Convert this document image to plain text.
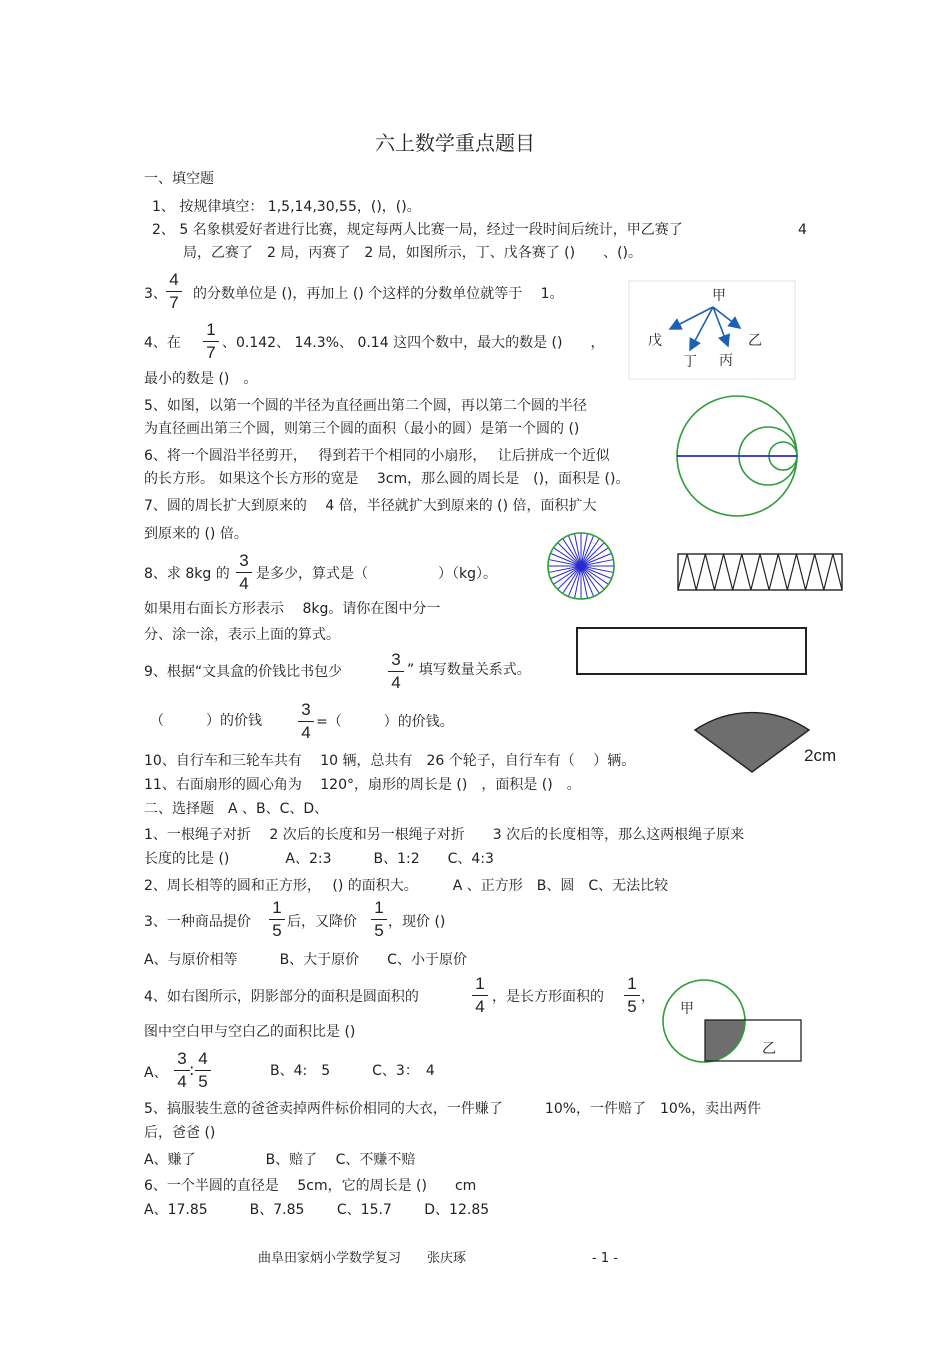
六上数学重点题目
一、填空题
1、 按规律填空： 1,5,14,30,55，()，()。
2、 5 名象棋爱好者进行比赛，规定每两人比赛一局，经过一段时间后统计，甲乙赛了	4
局，乙赛了　2 局，丙赛了　2 局，如图所示，丁、戊各赛了 ()　　、()。
3、
4
7 的分数单位是 ()，再加上 () 个这样的分数单位就等于　 1。
4、在
1
7 、0.142、 14.3%、 0.14 这四个数中，最大的数是 ()　　，
最小的数是 ()　。
5、如图，以第一个圆的半径为直径画出第二个圆，再以第二个圆的半径
为直径画出第三个圆，则第三个圆的面积（最小的圆）是第一个圆的 ()
6、将一个圆沿半径剪开，　 得到若干个相同的小扇形，　 让后拼成一个近似
的长方形。 如果这个长方形的宽是　 3cm，那么圆的周长是　()，面积是 ()。
7、圆的周长扩大到原来的　 4 倍，半径就扩大到原来的 () 倍，面积扩大
到原来的 () 倍。
8、求 8kg 的
3
4 是多少，算式是（　　　　　）（kg）。
如果用右面长方形表示　 8kg。请你在图中分一
分、涂一涂，表示上面的算式。
9、根据“文具盒的价钱比书包少
3
4
” 填写数量关系式。
（　　　）的价钱
3
4
=（　　　）的价钱。
10、自行车和三轮车共有　 10 辆，总共有　26 个轮子，自行车有（　 ）辆。
11、右面扇形的圆心角为　 120°，扇形的周长是 ()　，面积是 ()　。
二、选择题　A 、B、C、D、
1、一根绳子对折　 2 次后的长度和另一根绳子对折　　3 次后的长度相等，那么这两根绳子原来
长度的比是 ()　　　　A、2:3　　　B、1:2　　C、4:3
2、周长相等的圆和正方形，　 () 的面积大。　　　A 、正方形　B、圆　C、无法比较
3、一种商品提价
1
5 后，又降价
1
5 ，现价 ()
A、与原价相等　　　B、大于原价　　C、小于原价
4、如右图所示，阴影部分的面积是圆面积的
1
4 ，是长方形面积的
1
5 ，
图中空白甲与空白乙的面积比是 ()
A、
3
4
:
4
5
B、4:　5　　　C、3：　4
5、搞服装生意的爸爸卖掉两件标价相同的大衣，一件赚了　　　10%，一件赔了　10%，卖出两件
后，爸爸 ()
A、赚了　　　　　B、赔了　 C、不赚不赔
6、一个半圆的直径是　 5cm，它的周长是 ()　　cm
A、17.85　　　B、7.85　　 C、15.7　　 D、12.85
曲阜田家炳小学数学复习　　张庆琢	- 1 -
甲
戊
丁 丙
乙
2cm
甲
乙
